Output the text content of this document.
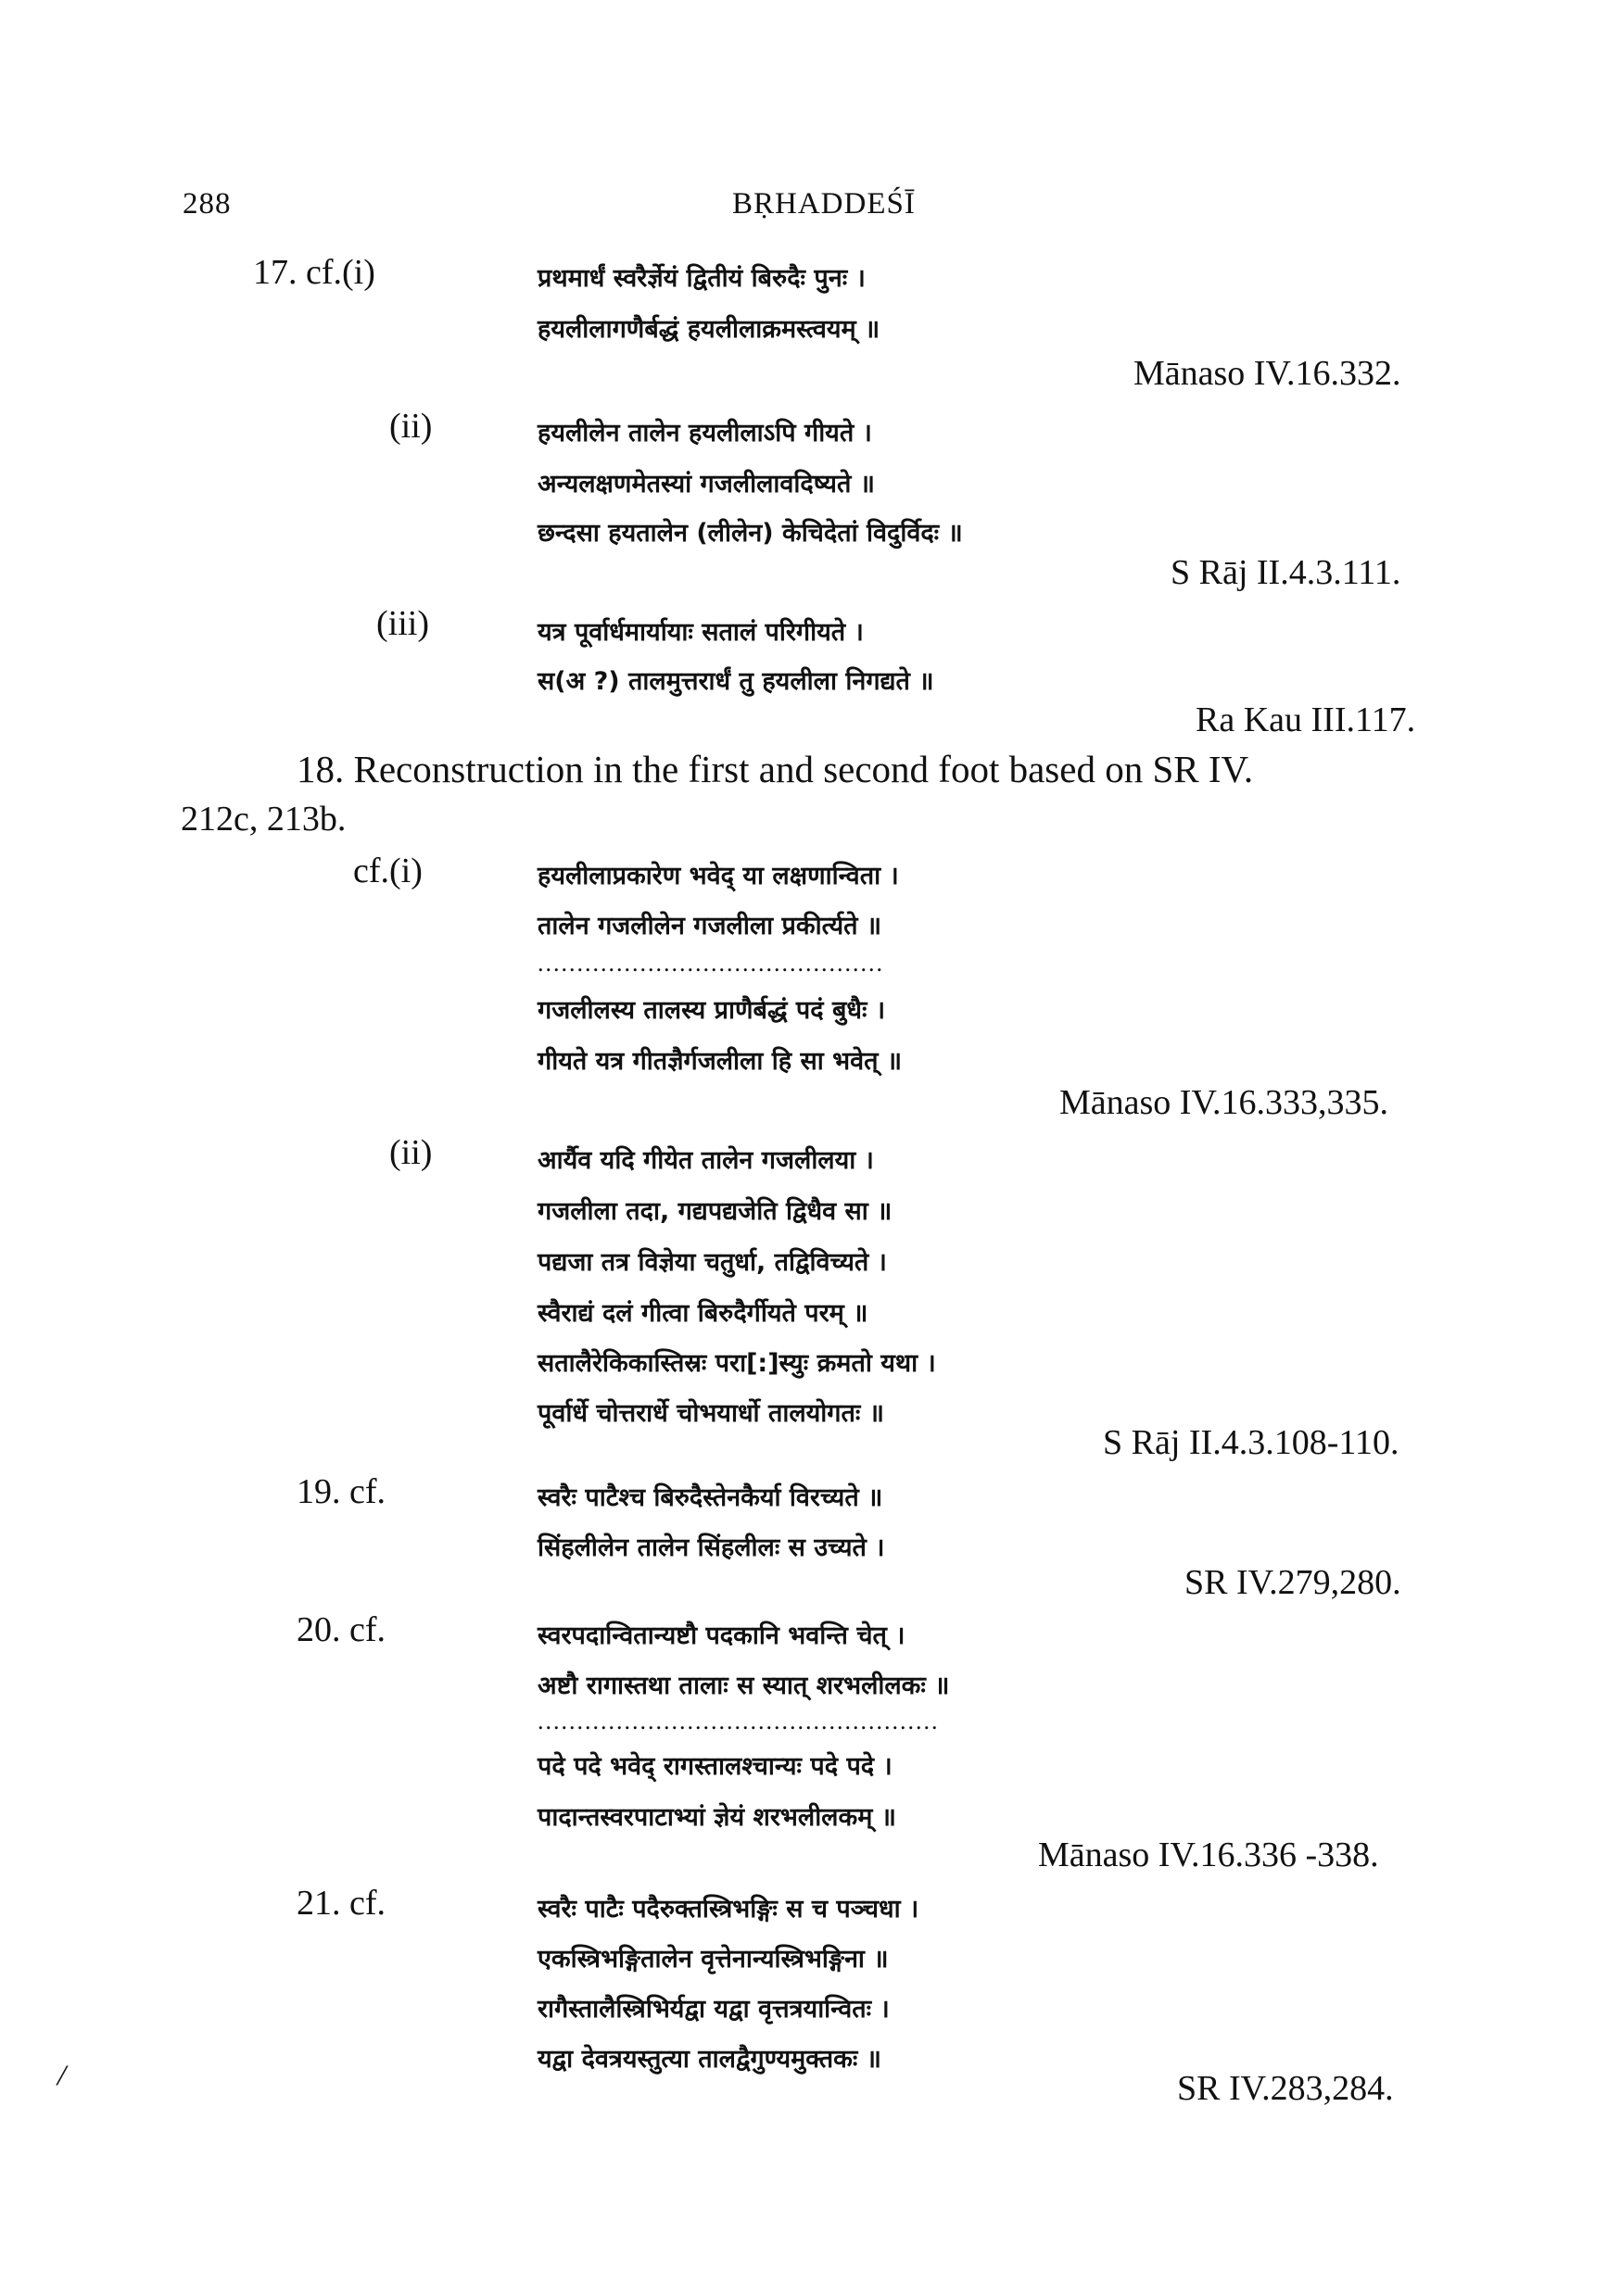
288	BṚHADDEŚĪ
17. cf.(i)	प्रथमार्धं स्वरैर्ज्ञेयं द्वितीयं बिरुदैः पुनः ।
हयलीलागणैर्बद्धं हयलीलाक्रमस्त्वयम् ॥
Mānaso IV.16.332.
(ii)	हयलीलेन तालेन हयलीलाऽपि गीयते ।
अन्यलक्षणमेतस्यां गजलीलावदिष्यते ॥
छन्दसा हयतालेन (लीलेन) केचिदेतां विदुर्विदः ॥
S Rāj II.4.3.111.
(iii)	यत्र पूर्वार्धमार्यायाः सतालं परिगीयते ।
स(अ ?) तालमुत्तरार्धं तु हयलीला निगद्यते ॥
Ra Kau III.117.
18. Reconstruction in the first and second foot based on SR IV.
212c, 213b.
cf.(i)	हयलीलाप्रकारेण भवेद् या लक्षणान्विता ।
तालेन गजलीलेन गजलीला प्रकीर्त्यते ॥
............................................
गजलीलस्य तालस्य प्राणैर्बद्धं पदं बुधैः ।
गीयते यत्र गीतज्ञैर्गजलीला हि सा भवेत् ॥
Mānaso IV.16.333,335.
(ii)	आर्यैव यदि गीयेत तालेन गजलीलया ।
गजलीला तदा, गद्यपद्यजेति द्विधैव सा ॥
पद्यजा तत्र विज्ञेया चतुर्धा, तद्विविच्यते ।
स्वैराद्यं दलं गीत्वा बिरुदैर्गीयते परम् ॥
सतालैरेकिकास्तिस्रः परा[:]स्युः क्रमतो यथा ।
पूर्वार्धे चोत्तरार्धे चोभयार्धो तालयोगतः ॥
S Rāj II.4.3.108-110.
19. cf.	स्वरैः पाटैश्च बिरुदैस्तेनकैर्या विरच्यते ॥
सिंहलीलेन तालेन सिंहलीलः स उच्यते ।
SR IV.279,280.
20. cf.	स्वरपदान्वितान्यष्टौ पदकानि भवन्ति चेत् ।
अष्टौ रागास्तथा तालाः स स्यात् शरभलीलकः ॥
...................................................
पदे पदे भवेद् रागस्तालश्चान्यः पदे पदे ।
पादान्तस्वरपाटाभ्यां ज्ञेयं शरभलीलकम् ॥
Mānaso IV.16.336 -338.
21. cf.	स्वरैः पाटैः पदैरुक्तस्त्रिभङ्गिः स च पञ्चधा ।
एकस्त्रिभङ्गितालेन वृत्तेनान्यस्त्रिभङ्गिना ॥
रागैस्तालैस्त्रिभिर्यद्वा यद्वा वृत्तत्रयान्वितः ।
यद्वा देवत्रयस्तुत्या तालद्वैगुण्यमुक्तकः ॥
SR IV.283,284.
/
